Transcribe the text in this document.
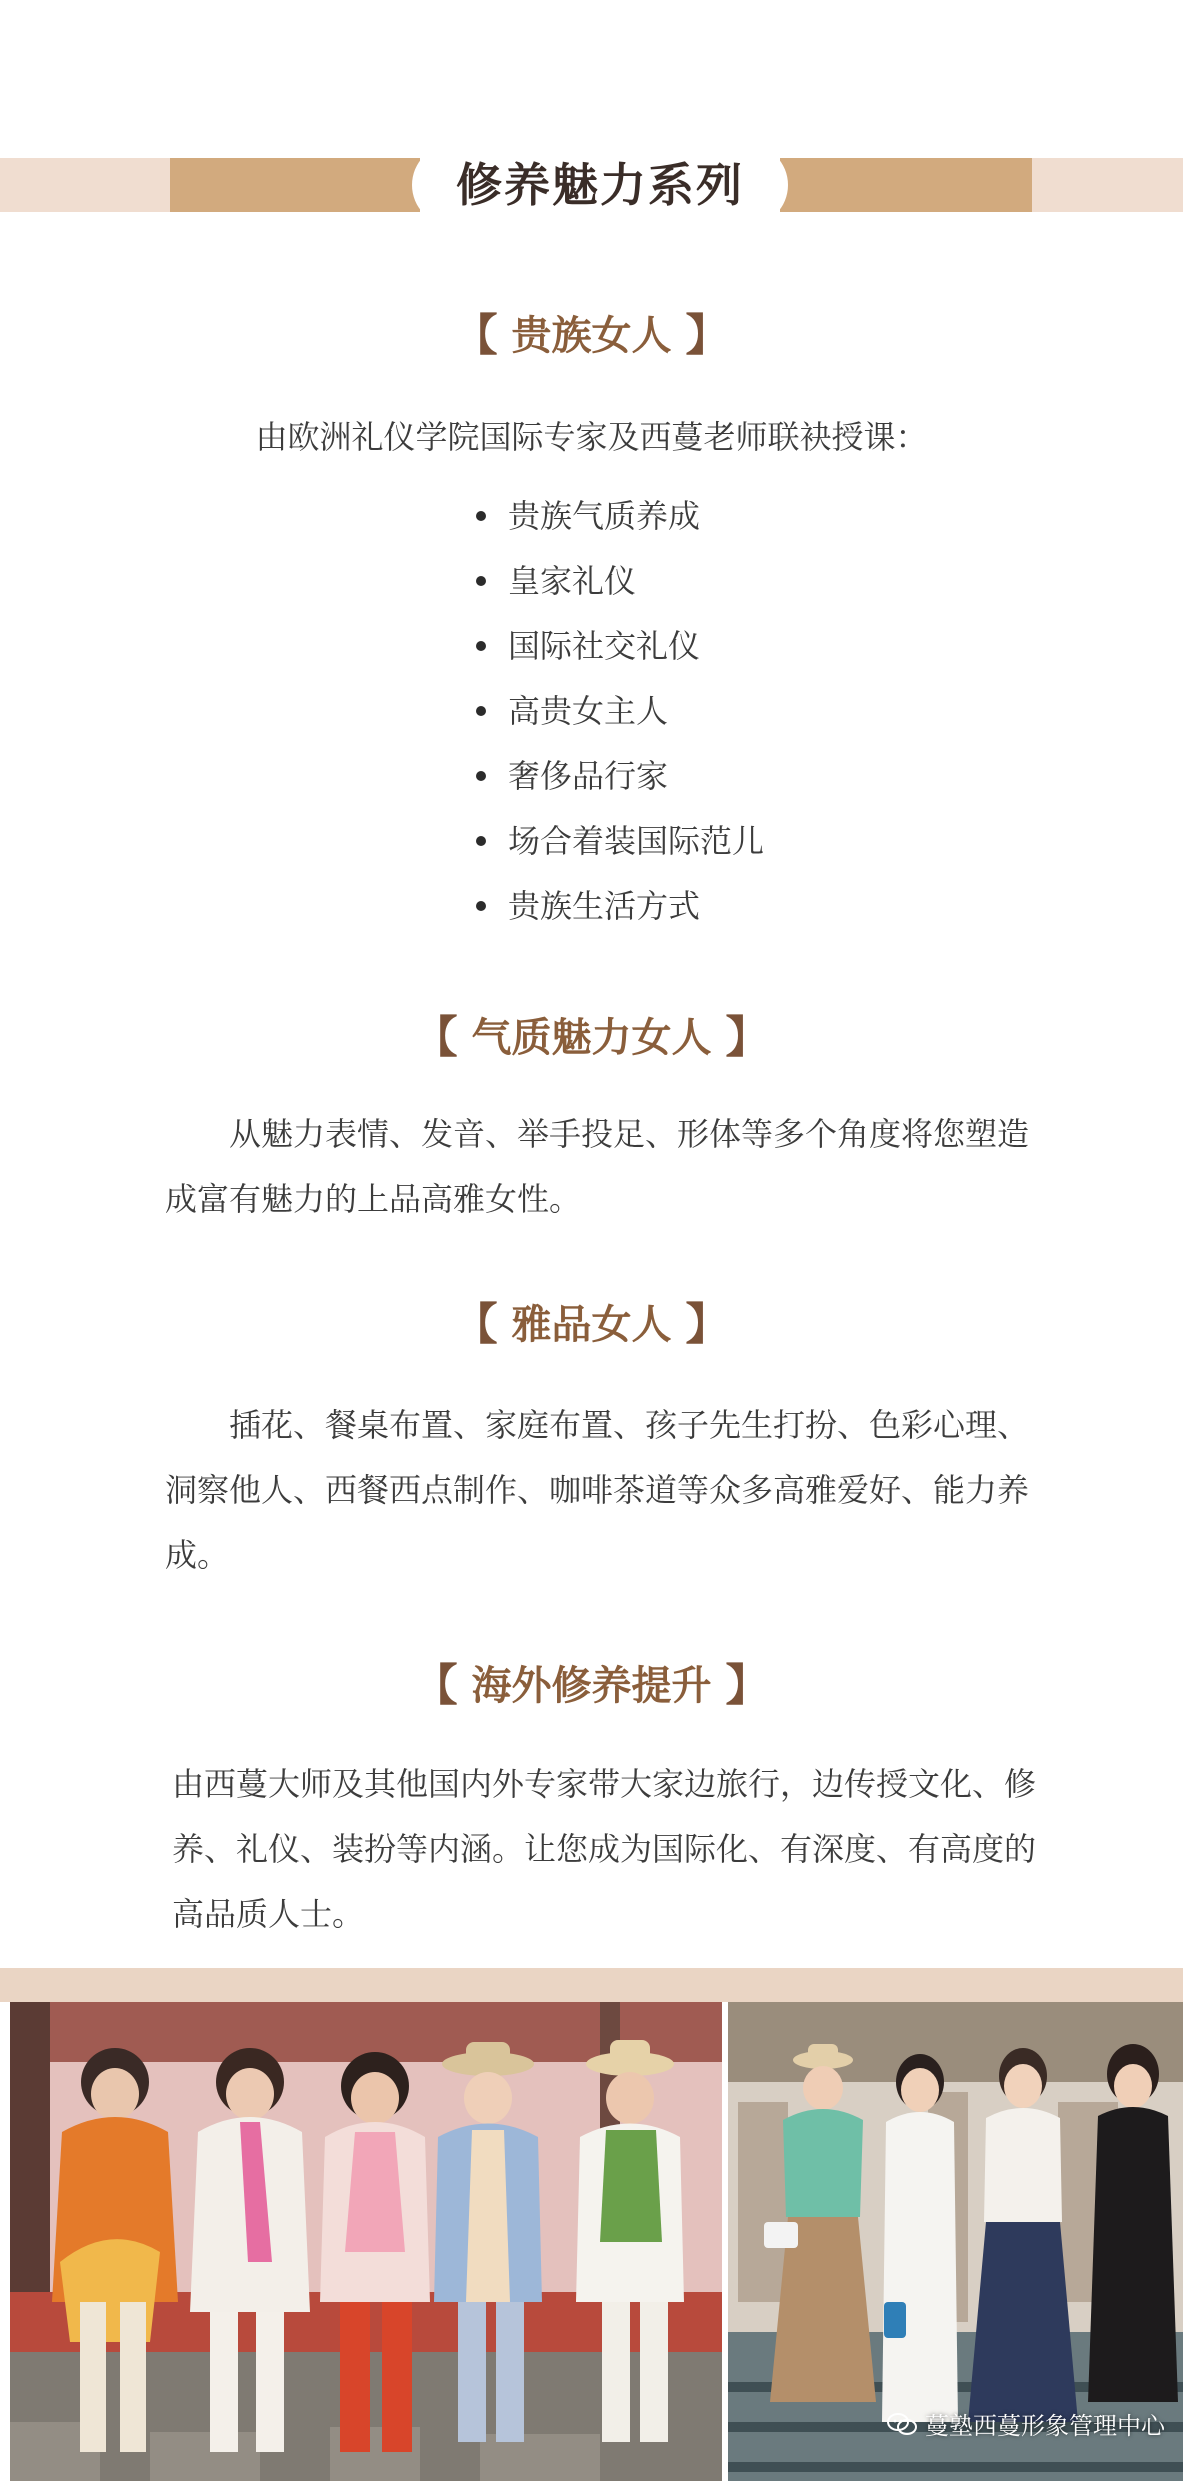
修养魅力系列
【 贵族女人 】
由欧洲礼仪学院国际专家及西蔓老师联袂授课：
贵族气质养成
皇家礼仪
国际社交礼仪
高贵女主人
奢侈品行家
场合着装国际范儿
贵族生活方式
【 气质魅力女人 】

从魅力表情、发音、举手投足、形体等多个角度将您塑造成富有魅力的上品高雅女性。

【 雅品女人 】

插花、餐桌布置、家庭布置、孩子先生打扮、色彩心理、洞察他人、西餐西点制作、咖啡茶道等众多高雅爱好、能力养成。

【 海外修养提升 】

由西蔓大师及其他国内外专家带大家边旅行，边传授文化、修养、礼仪、装扮等内涵。让您成为国际化、有深度、有高度的高品质人士。

蔓塾西蔓形象管理中心
